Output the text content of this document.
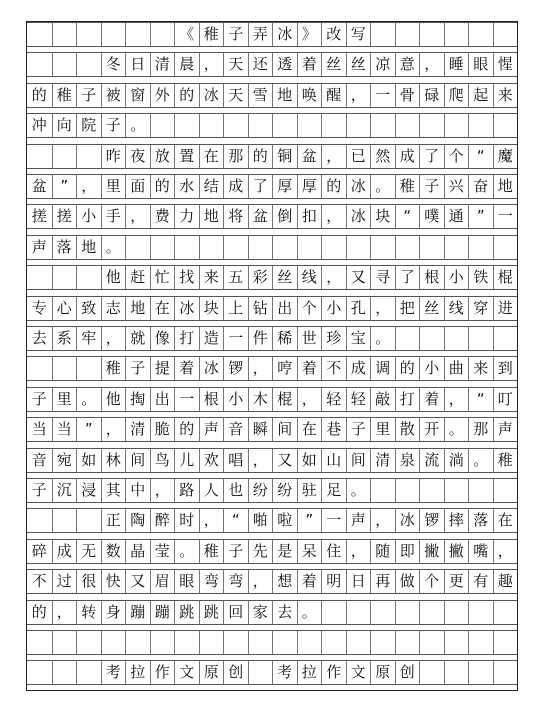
《 稚 子 弄 冰 》 改 写
冬 日 清 晨 ， 天 还 透 着 丝 丝 凉 意 ， 睡 眼 惺
的 稚 子 被 窗 外 的 冰 天 雪 地 唤 醒 ， 一 骨 碌 爬 起 来
冲 向 院 子 。
昨 夜 放 置 在 那 的 铜 盆 ， 已 然 成 了 个 “ 魔
盆 ” ， 里 面 的 水 结 成 了 厚 厚 的 冰 。 稚 子 兴 奋 地
搓 搓 小 手 ， 费 力 地 将 盆 倒 扣 ， 冰 块 “ 噗 通 ” 一
声 落 地 。
他 赶 忙 找 来 五 彩 丝 线 ， 又 寻 了 根 小 铁 棍
专 心 致 志 地 在 冰 块 上 钻 出 个 小 孔 ， 把 丝 线 穿 进
去 系 牢 ， 就 像 打 造 一 件 稀 世 珍 宝 。
稚 子 提 着 冰 锣 ， 哼 着 不 成 调 的 小 曲 来 到
子 里 。 他 掏 出 一 根 小 木 棍 ， 轻 轻 敲 打 着 ， “ 叮
当 当 ” ， 清 脆 的 声 音 瞬 间 在 巷 子 里 散 开 。 那 声
音 宛 如 林 间 鸟 儿 欢 唱 ， 又 如 山 间 清 泉 流 淌 。 稚
子 沉 浸 其 中 ， 路 人 也 纷 纷 驻 足 。
正 陶 醉 时 ， “ 啪 啦 ” 一 声 ， 冰 锣 摔 落 在
碎 成 无 数 晶 莹 。 稚 子 先 是 呆 住 ， 随 即 撇 撇 嘴 ，
不 过 很 快 又 眉 眼 弯 弯 ， 想 着 明 日 再 做 个 更 有 趣
的 ， 转 身 蹦 蹦 跳 跳 回 家 去 。
考 拉 作 文 原 创	考 拉 作 文 原 创
